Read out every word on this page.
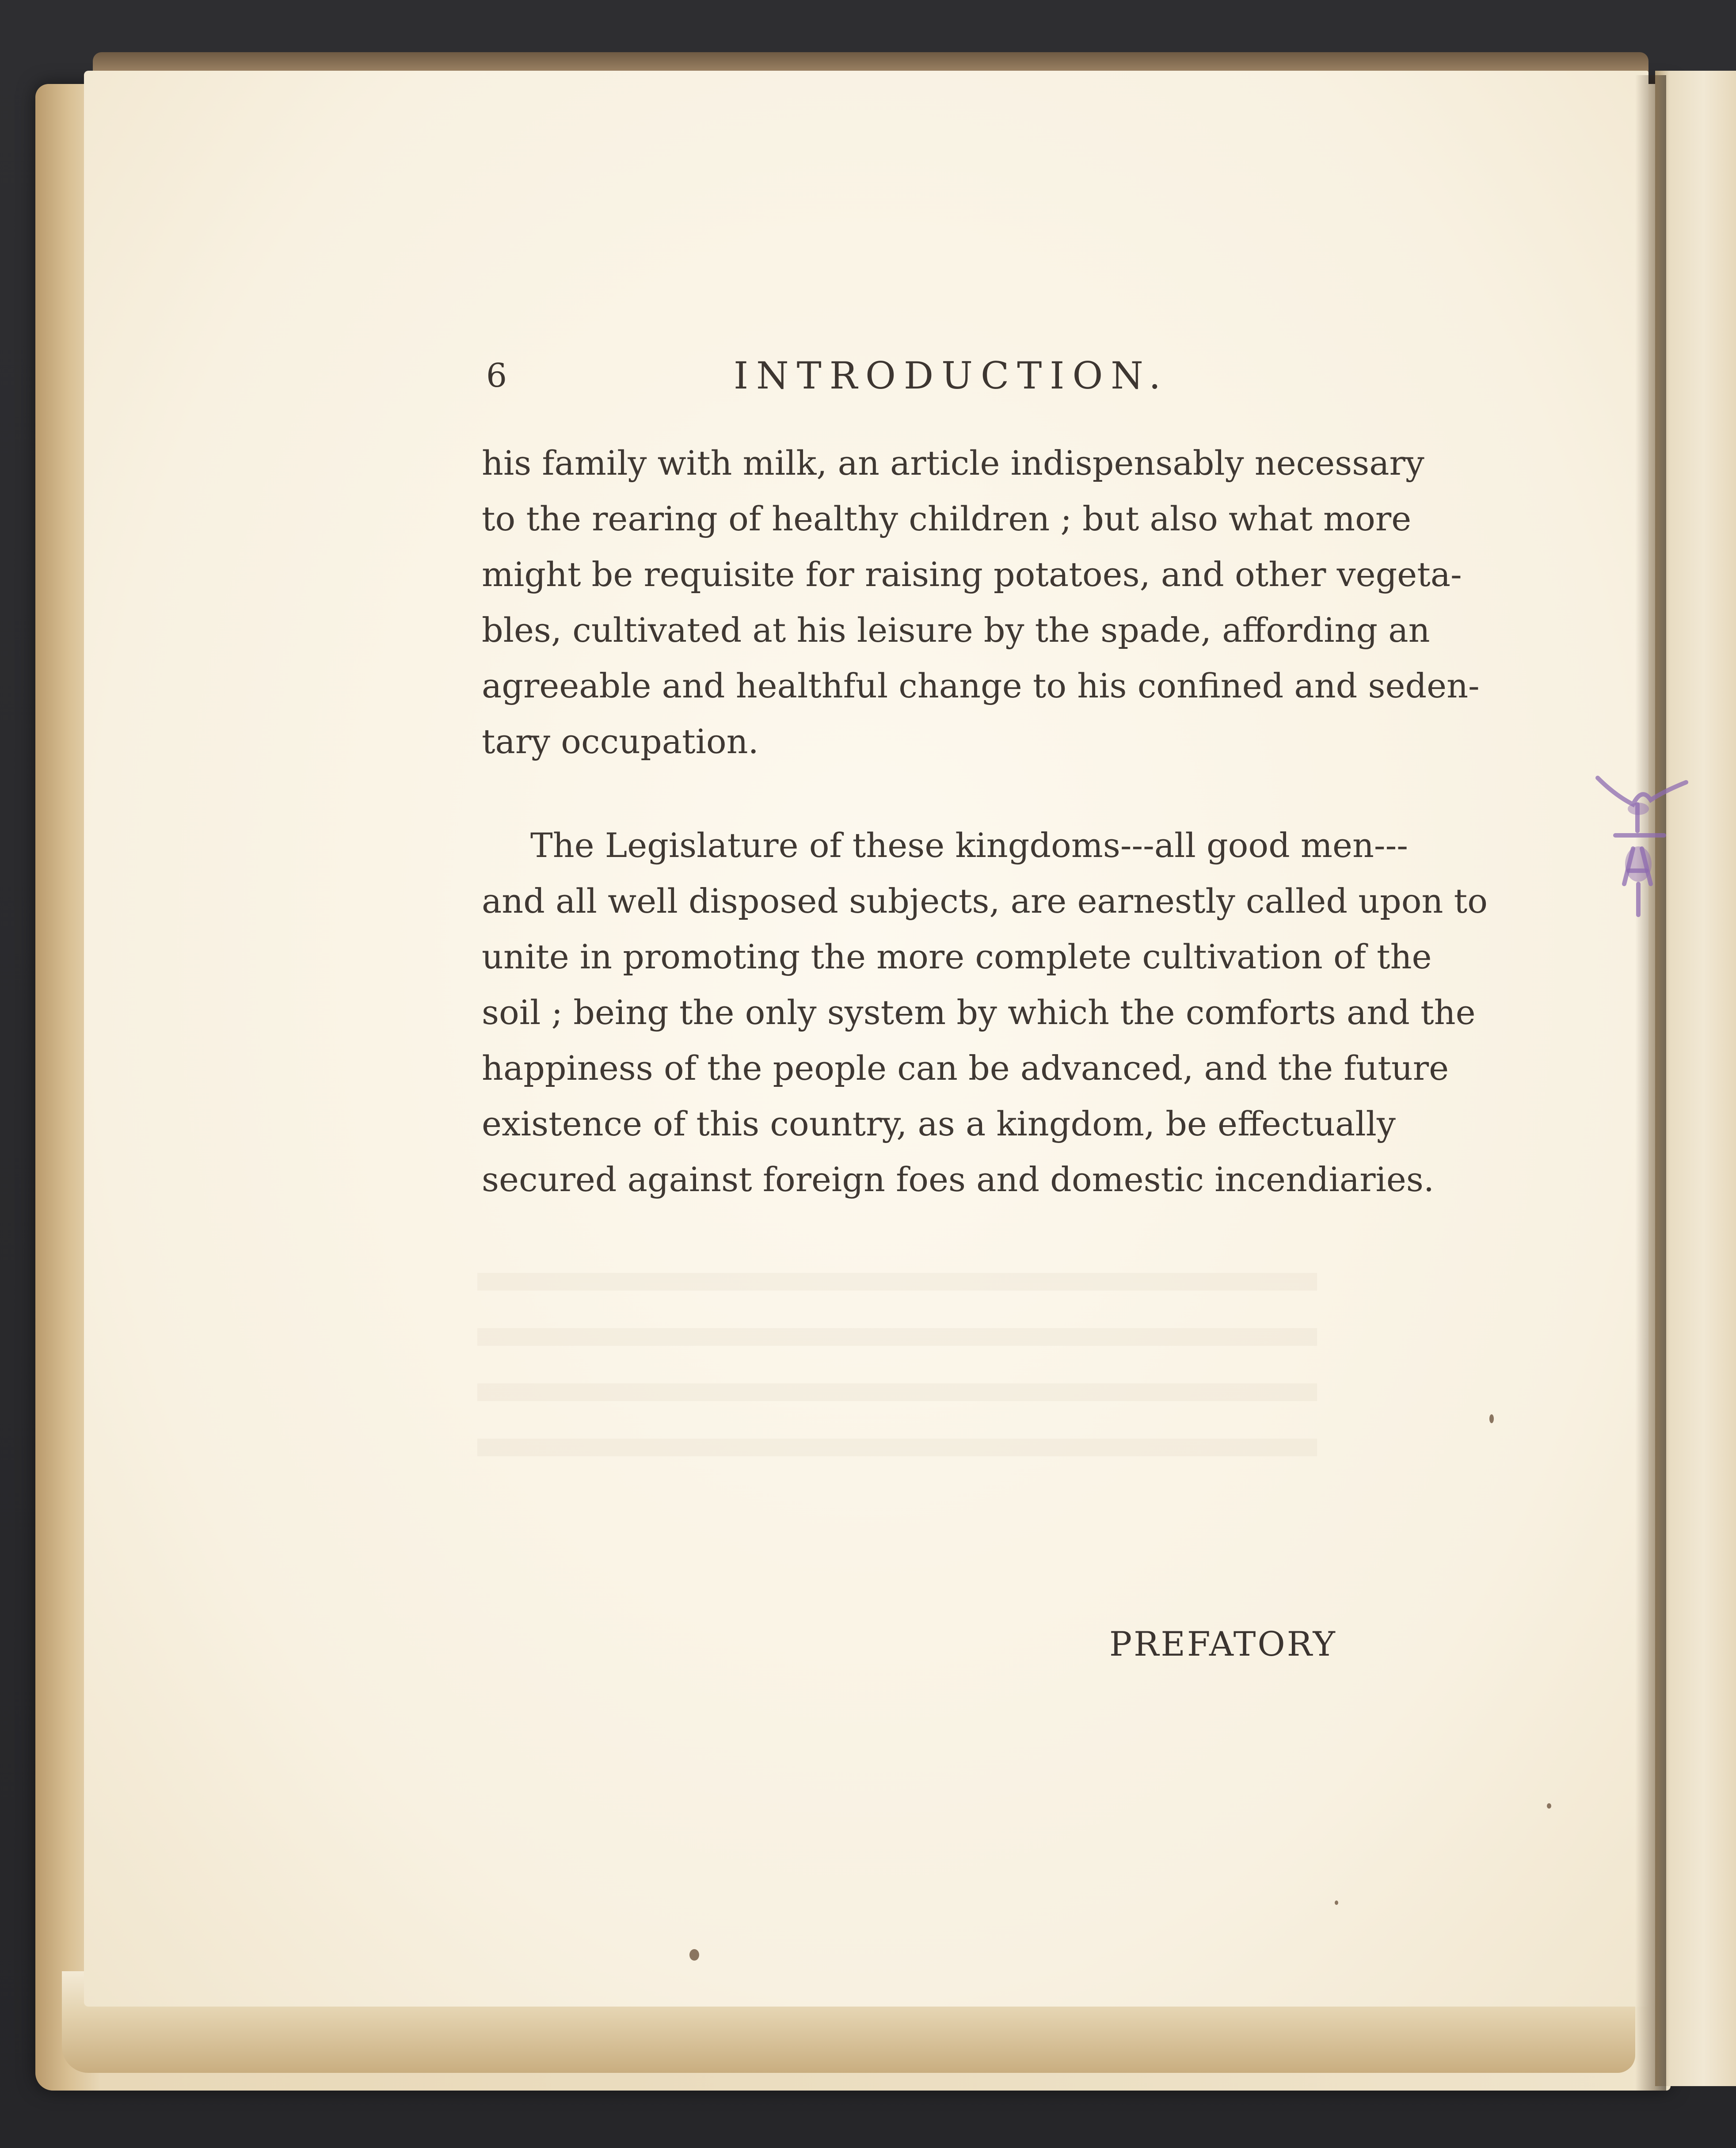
6	INTRODUCTION.
his family with milk, an article indispensably necessary
to the rearing of healthy children ; but also what more
might be requisite for raising potatoes, and other vegeta-
bles, cultivated at his leisure by the spade, affording an
agreeable and healthful change to his confined and seden-
tary occupation.
The Legislature of these kingdoms---all good men---
and all well disposed subjects, are earnestly called upon to
unite in promoting the more complete cultivation of the
soil ; being the only system by which the comforts and the
happiness of the people can be advanced, and the future
existence of this country, as a kingdom, be effectually
secured against foreign foes and domestic incendiaries.
PREFATORY
